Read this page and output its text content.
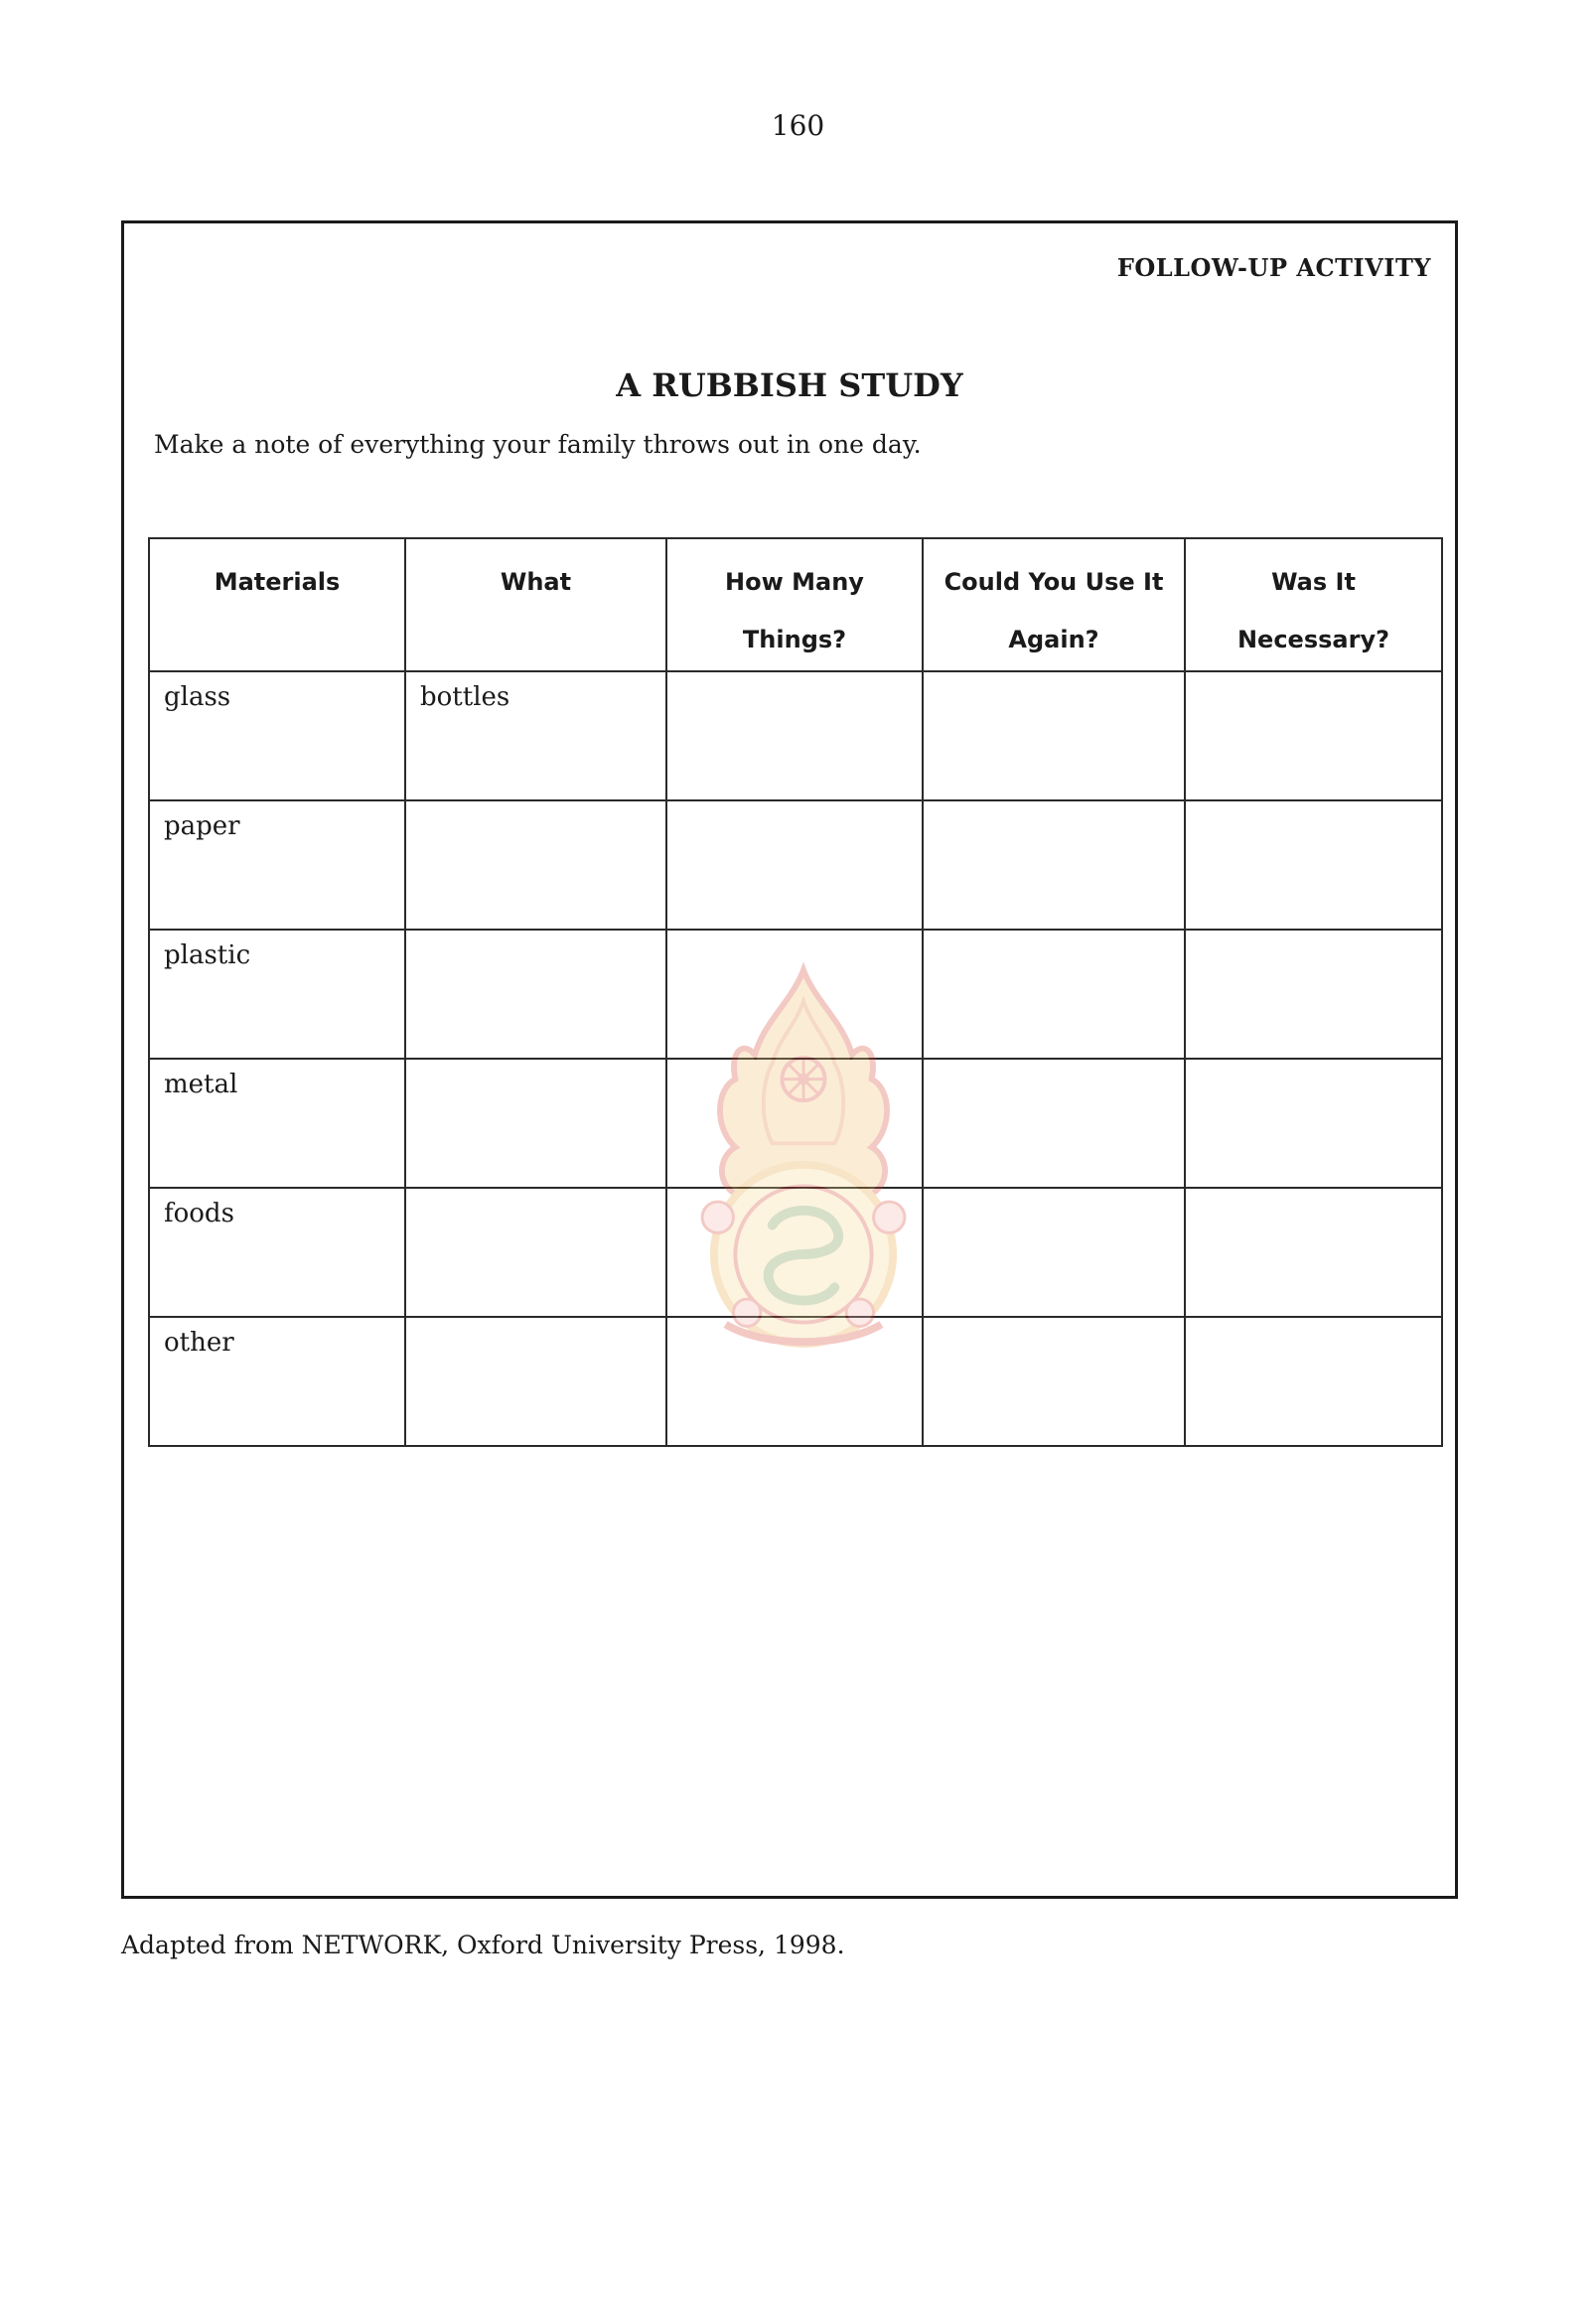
160
FOLLOW-UP ACTIVITY
A RUBBISH STUDY
Make a note of everything your family throws out in one day.
Materials	What	How Many Things?	Could You Use It Again?	Was It Necessary?
glass	bottles			
paper				
plastic				
metal				
foods				
other				
Adapted from NETWORK, Oxford University Press, 1998.
